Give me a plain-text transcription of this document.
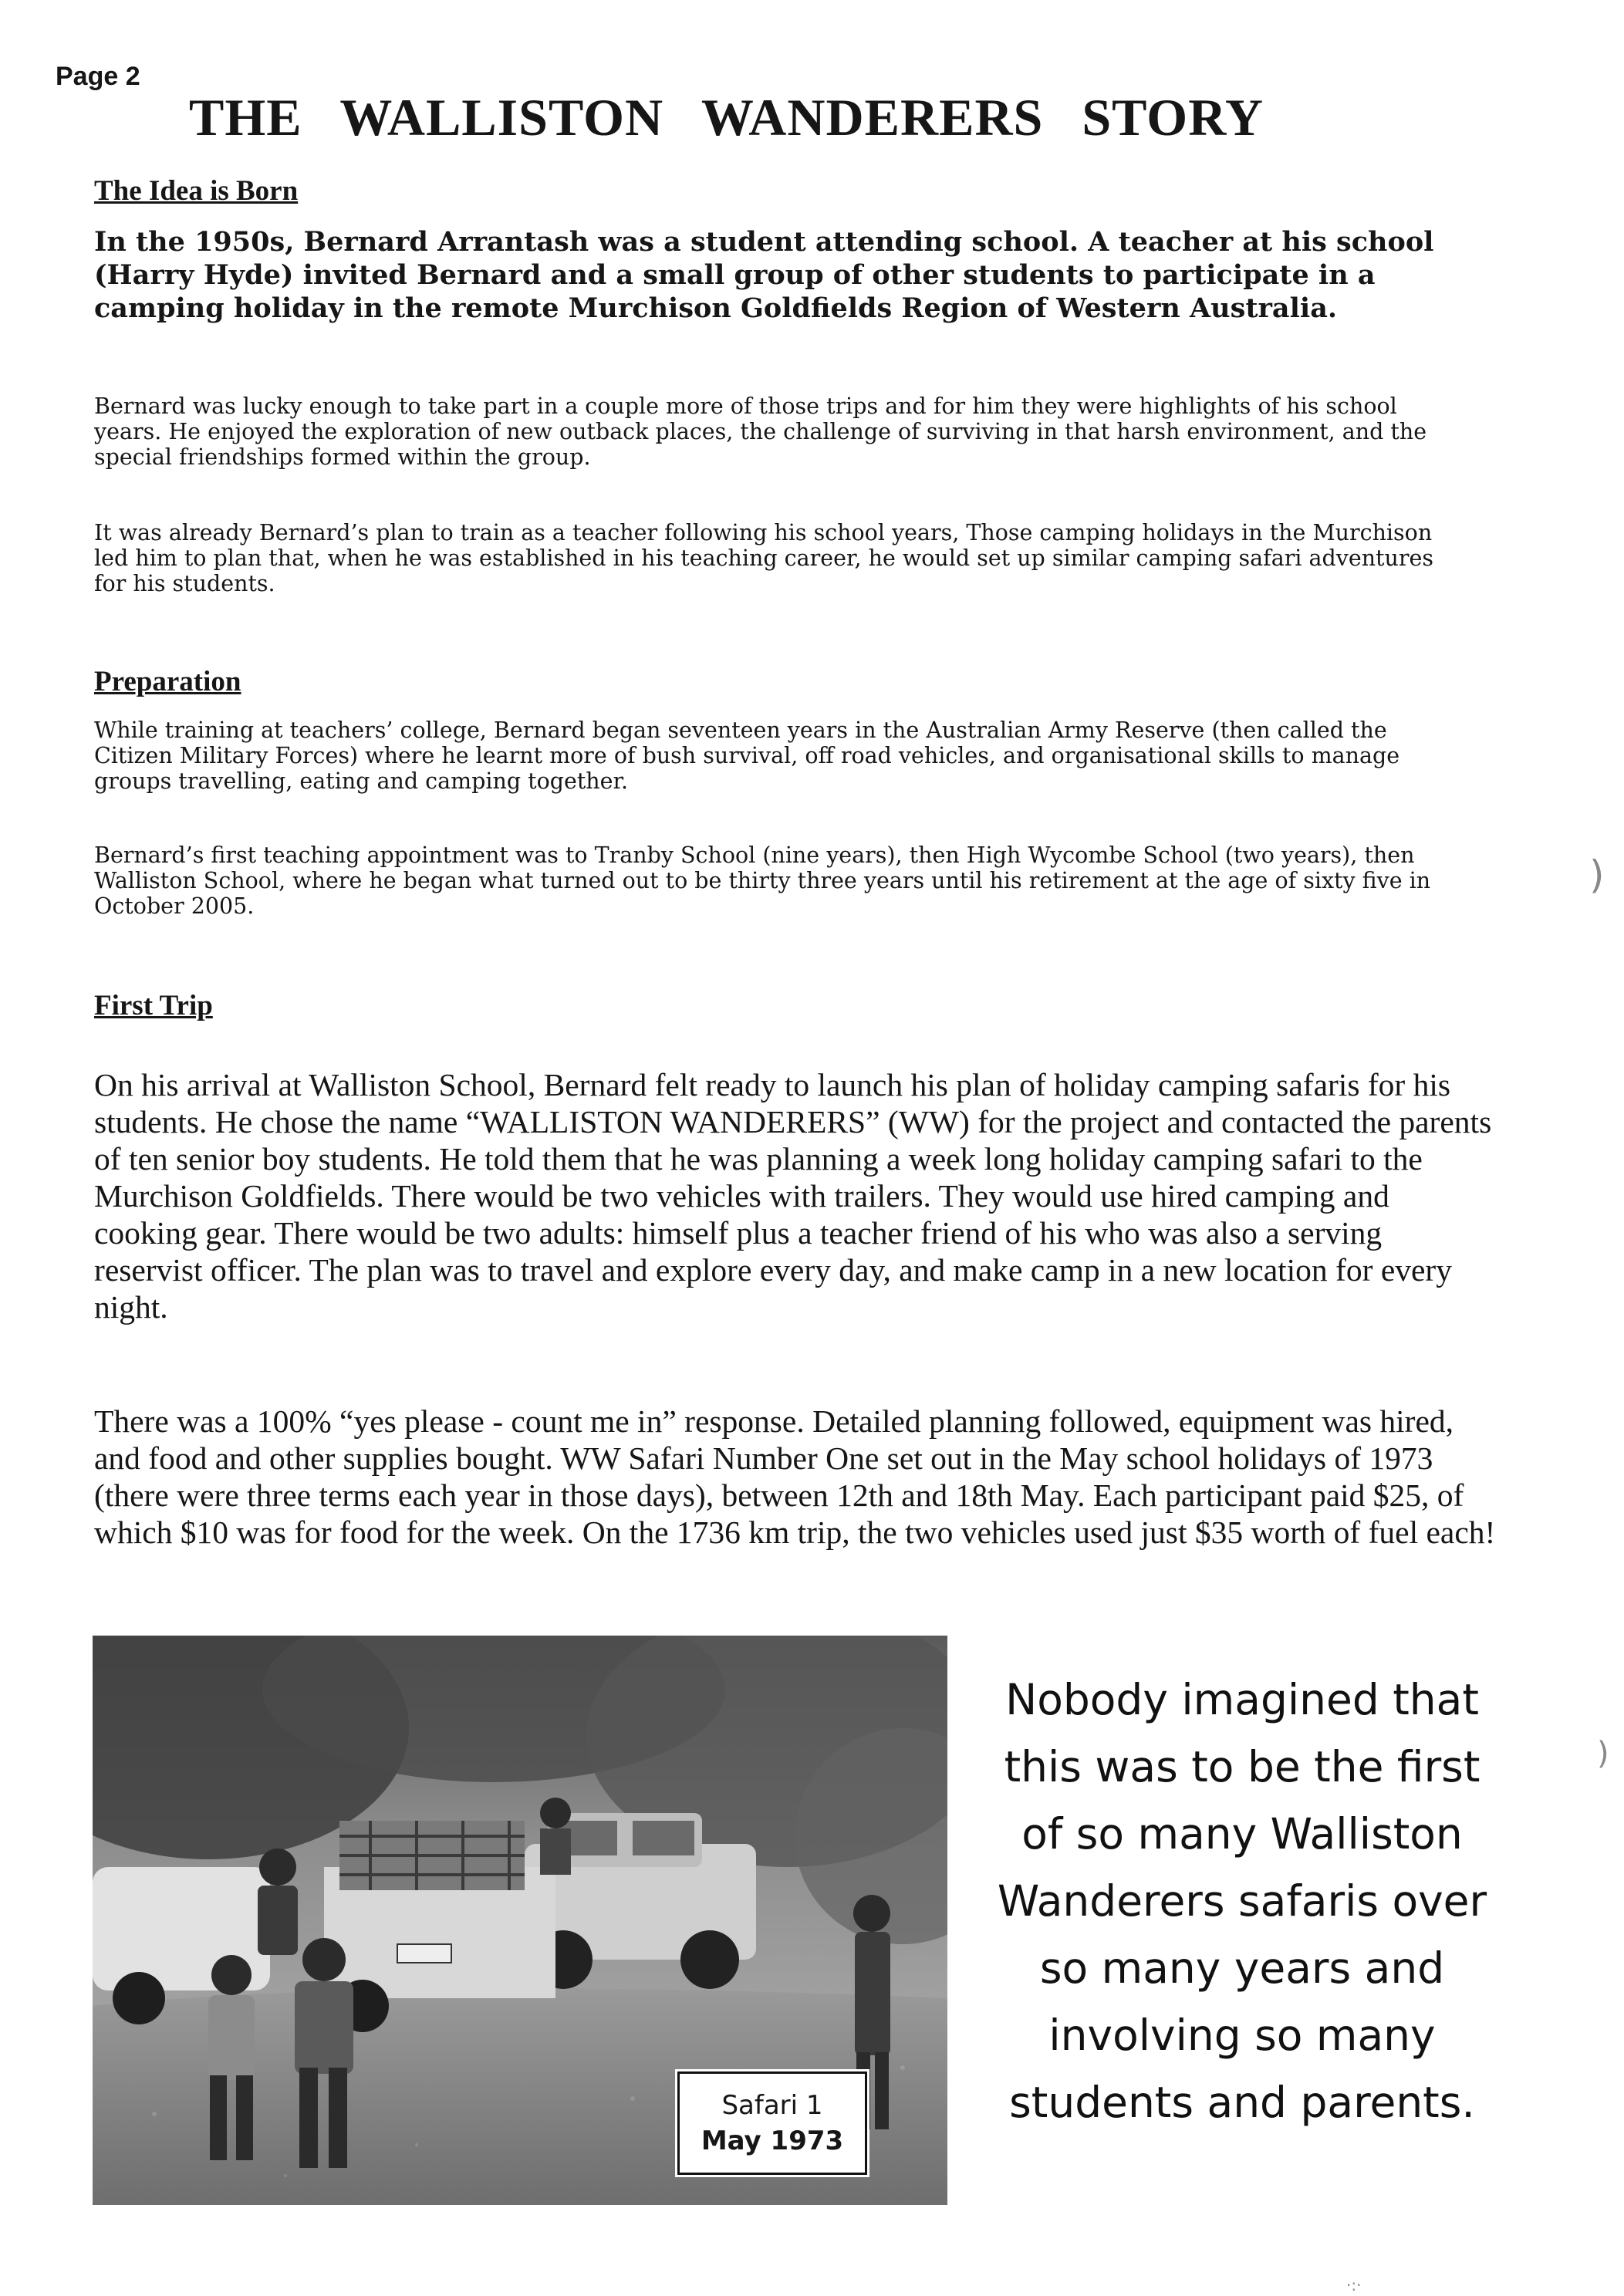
Page 2
THE WALLISTON WANDERERS STORY
The Idea is Born

In the 1950s, Bernard Arrantash was a student attending school. A teacher at his school (Harry Hyde) invited Bernard and a small group of other students to participate in a camping holiday in the remote Murchison Goldfields Region of Western Australia.

Bernard was lucky enough to take part in a couple more of those trips and for him they were highlights of his school years. He enjoyed the exploration of new outback places, the challenge of surviving in that harsh environment, and the special friendships formed within the group.

It was already Bernard’s plan to train as a teacher following his school years, Those camping holidays in the Murchison led him to plan that, when he was established in his teaching career, he would set up similar camping safari adventures for his students.

Preparation

While training at teachers’ college, Bernard began seventeen years in the Australian Army Reserve (then called the Citizen Military Forces) where he learnt more of bush survival, off road vehicles, and organisational skills to manage groups travelling, eating and camping together.

Bernard’s first teaching appointment was to Tranby School (nine years), then High Wycombe School (two years), then Walliston School, where he began what turned out to be thirty three years until his retirement at the age of sixty five in October 2005.

First Trip

On his arrival at Walliston School, Bernard felt ready to launch his plan of holiday camping safaris for his students. He chose the name “WALLISTON WANDERERS” (WW) for the project and contacted the parents of ten senior boy students. He told them that he was planning a week long holiday camping safari to the Murchison Goldfields. There would be two vehicles with trailers. They would use hired camping and cooking gear. There would be two adults: himself plus a teacher friend of his who was also a serving reservist officer. The plan was to travel and explore every day, and make camp in a new location for every night.

There was a 100% “yes please - count me in” response. Detailed planning followed, equipment was hired, and food and other supplies bought. WW Safari Number One set out in the May school holidays of 1973 (there were three terms each year in those days), between 12th and 18th May. Each participant paid $25, of which $10 was for food for the week. On the 1736 km trip, the two vehicles used just $35 worth of fuel each!

Safari 1
May 1973
Nobody imagined that
this was to be the first
of so many Walliston
Wanderers safaris over
so many years and
involving so many
students and parents.
)
)
·:·
